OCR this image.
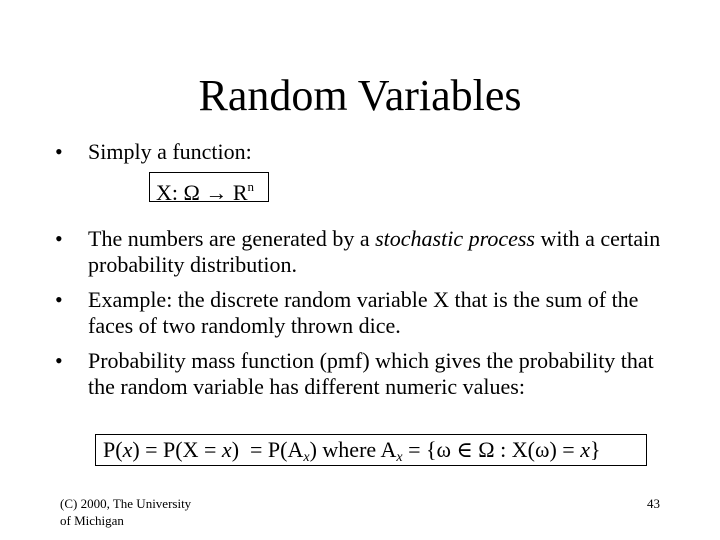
Random Variables
• Simply a function:
X: $\Omega \to R^n$
• The numbers are generated by a stochastic process with a certain probability distribution.
• Example: the discrete random variable X that is the sum of the faces of two randomly thrown dice.
• Probability mass function (pmf) which gives the probability that the random variable has different numeric values:
$P(x) = P(X = x) = P(A_x)$ where $A_x = \{\omega$ ∈ Ω : X(ω) = x}
(C) 2000, The University
of Michigan
43
